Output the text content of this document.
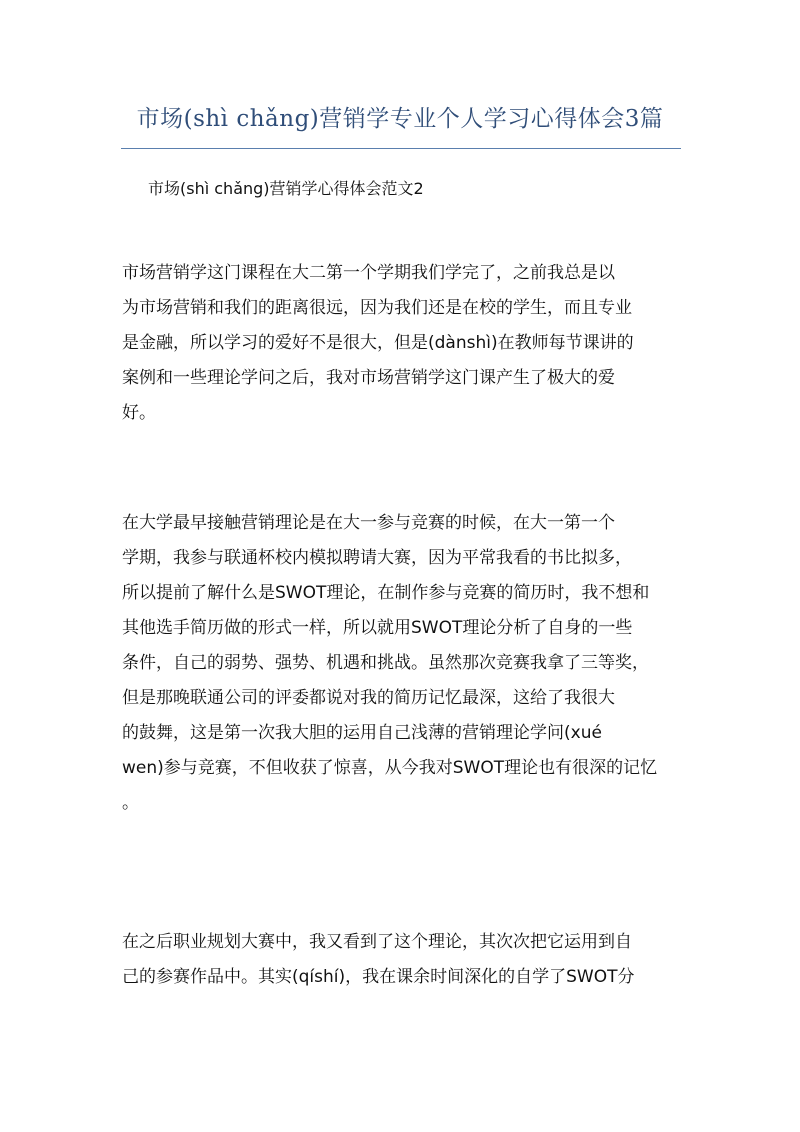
市场(shì chǎng)营销学专业个人学习心得体会3篇
市场(shì chǎng)营销学心得体会范文2
市场营销学这门课程在大二第一个学期我们学完了，之前我总是以
为市场营销和我们的距离很远，因为我们还是在校的学生，而且专业
是金融，所以学习的爱好不是很大，但是(dànshì)在教师每节课讲的
案例和一些理论学问之后，我对市场营销学这门课产生了极大的爱
好。
在大学最早接触营销理论是在大一参与竞赛的时候，在大一第一个
学期，我参与联通杯校内模拟聘请大赛，因为平常我看的书比拟多，
所以提前了解什么是SWOT理论，在制作参与竞赛的简历时，我不想和
其他选手简历做的形式一样，所以就用SWOT理论分析了自身的一些
条件，自己的弱势、强势、机遇和挑战。虽然那次竞赛我拿了三等奖，
但是那晚联通公司的评委都说对我的简历记忆最深，这给了我很大
的鼓舞，这是第一次我大胆的运用自己浅薄的营销理论学问(xué
wen)参与竞赛，不但收获了惊喜，从今我对SWOT理论也有很深的记忆
。
在之后职业规划大赛中，我又看到了这个理论，其次次把它运用到自
己的参赛作品中。其实(qíshí)，我在课余时间深化的自学了SWOT分
